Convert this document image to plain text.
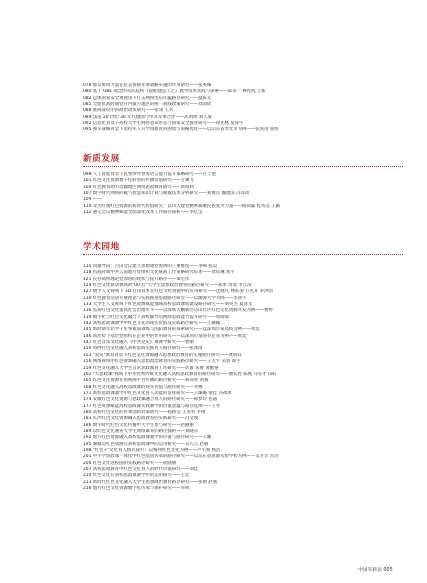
078 群众协同力量在抗美援朝军事战略实施的作用研究——张英珊
080 基于 OBE 理念的军队院校《船舶建造工艺》教学改革实践与探索——邱卓一 穆淳凯 王新
082 总体国家安全观视角下打击网络电信诈骗路径研究——温陈元
085 全面抗战时期党在内蒙古地区的统一战线政策研究——刘羽瑶
088 淮海战役中的政治动员研究——张翎 王兵
089 浅论 20 世纪 30 年代德国与中苏军事合作——武明明 刘人豪
092 信息化背景下高校大学生网络意识形态与国家安全教育研究——徐先林 莫睿宇
095 强军战略背景下退役军人升学再教育的困境与策略优化——以山东省寿光市为例——张凤进 张辉
新质发展
098 人工智能背景下民警涉外警务语言能力提升策略研究——甘士艳
101 红色文化资源数字化转型的传播价值研究——万翼飞
104 红色教育助力边疆地区网络思政教育研究——黄昭利
107 数字时代网络的碳气智慧知识计算与抽取技术分析研究——刘俊岳 魏德国 冯泽琦
109 ——
110 北大红楼红色资源的新时代价值研究：以伟大建党精神凝聚民族复兴力量——杨尚霖 程英昊 王颖
112 遵义会议精神赋能全面深化改革工作路径探析——李亿莹
学术园地
115 问题导向：古田会议建立思想建党原则的三重维度——李响 张昊
118 抗战时期中共云南地方党组织文化统战工作策略研究综述——龚钰琳 蕾平
121 民办高校理论党训班的现状与提升路径——谭宏伟
124 红色文化驱动视域的"00 后"大学生思想政治教育的路径研究——郑果 周欢 李江清
127 数字人文视域下 3D 打印技术在红色文化资源中的应用研究——沈晓凡 林轩羽 万先升 李洪雨
130 红色教育活动开展理论与实践推进思政路径研究——以湘潭大学为例——李鸿宇
133 大学生人文视域下红色资源赋能地域高校思政课程建设路径研究——刘英杰 夏泽文
136 弘扬红色文化提高社会治理水平——以深圳大鹏新区东山社区红色文化资源开发为例——曹婷
139 数字化与红色文化融合下高校辅导员网络思政能力提升研究——周瑞瑞
142 高校思政课教学中红色文化的现实价值及实践路径研究——王娜娜
145 新时期年轻学子军事素质训练与国防教育的探索研究——以深圳市某高校为例——黄奕
146 新形势下基层党组织在企业中的作用研究——以深圳市某国有企业为例——黄奕
147 红色音乐文化融入《中共党史》课教学研究——曹丽
150 将西红色文化融入高校思政实践育人路径研究——张冰漫
153 "双史"教育背景下红色文化资源融入思想政治教育的实施路径研究——龚明钰
156 网络视域中红色资源融入思想政治教育的实践路径研究——王大宇 吴羽 谭宇
159 红色文化融入大学生日常思政教育工作研究——彭蕾 朱俊 黄勤艳
162 "大思政课"视域下中华优秀传统文化融入高校思政教育的路径研究——曲长胜 陈燕 马有才 田虹
165 红色文化资源在短视频平台传播的路径研究——胡沛亮 刘燕
168 红色文化融入高校思政课的现实价值与路径研究——李娜
171 高校思政课教学中红色文化育人功能的发挥研究——王璐璐 梁佳 冯冰冰
174 安徽红色文化资源与思政课融合育人的路径研究——韩梦玲 包越
177 红色资源赋能高校思政课实践教学的价值意蕴与路径选择——王冬
180 高校红色文化的传承创新对策研究——程路莹 王亚男 李俊
183 长沙红色文化资源融入思政教育的实践研究——冯文俊
186 数字时代红色文化传播中大学生参与研究——赵丽丽
189 以红色文化涵养大学生网络素养的路径探析——刘晓东
192 地方红色资源融入高校思政课教学的价值与路径研究——王鹏
195 湘赣边红色资源在高校思政课中的运用研究——吴巧云 赵敏
198 "红色+"文化育人模式探究：以梅州红色文化为例——卢小燕 杨浩
201 中小学思政课一体化中红色基因传承的路径研究——以乐东县思源实验学校为例——吴芳芳 冯浩
204 红色文化进校园的实践路径研究——程晓丽
207 高校思政教育中红色文化育人的时代价值研究——刘佳
210 红色文化在高校思政课教学中的运用研究——王宏
213 新时代红色文化融入大学生思想政治教育路径研究——张丽 赵燕
216 地方红色文化资源数字化传承与保护研究——李明
中国军转民 005
